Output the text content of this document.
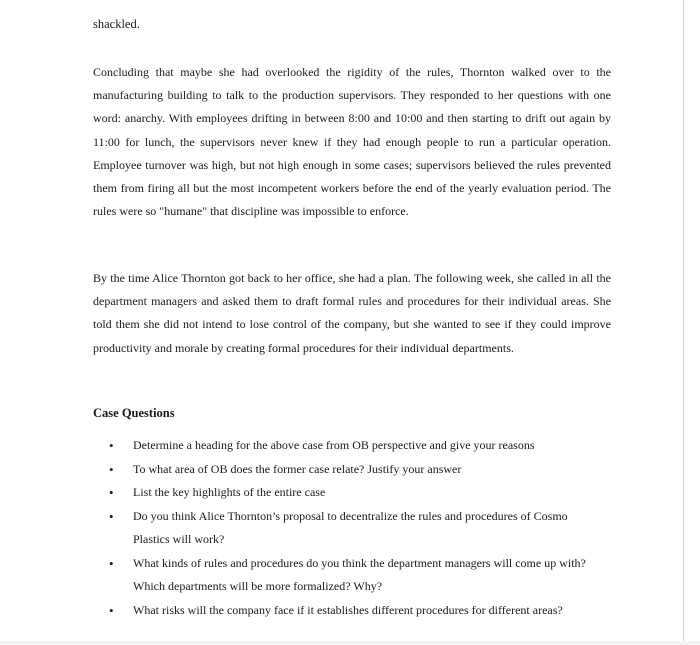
shackled.

Concluding that maybe she had overlooked the rigidity of the rules, Thornton walked over to the manufacturing building to talk to the production supervisors. They responded to her questions with one word: anarchy. With employees drifting in between 8:00 and 10:00 and then starting to drift out again by 11:00 for lunch, the supervisors never knew if they had enough people to run a particular operation. Employee turnover was high, but not high enough in some cases; supervisors believed the rules prevented them from firing all but the most incompetent workers before the end of the yearly evaluation period. The rules were so "humane" that discipline was impossible to enforce.

By the time Alice Thornton got back to her office, she had a plan. The following week, she called in all the department managers and asked them to draft formal rules and procedures for their individual areas. She told them she did not intend to lose control of the company, but she wanted to see if they could improve productivity and morale by creating formal procedures for their individual departments.

Case Questions
• Determine a heading for the above case from OB perspective and give your reasons
• To what area of OB does the former case relate? Justify your answer
• List the key highlights of the entire case
• Do you think Alice Thornton’s proposal to decentralize the rules and procedures of Cosmo Plastics will work?
• What kinds of rules and procedures do you think the department managers will come up with? Which departments will be more formalized? Why?
• What risks will the company face if it establishes different procedures for different areas?
